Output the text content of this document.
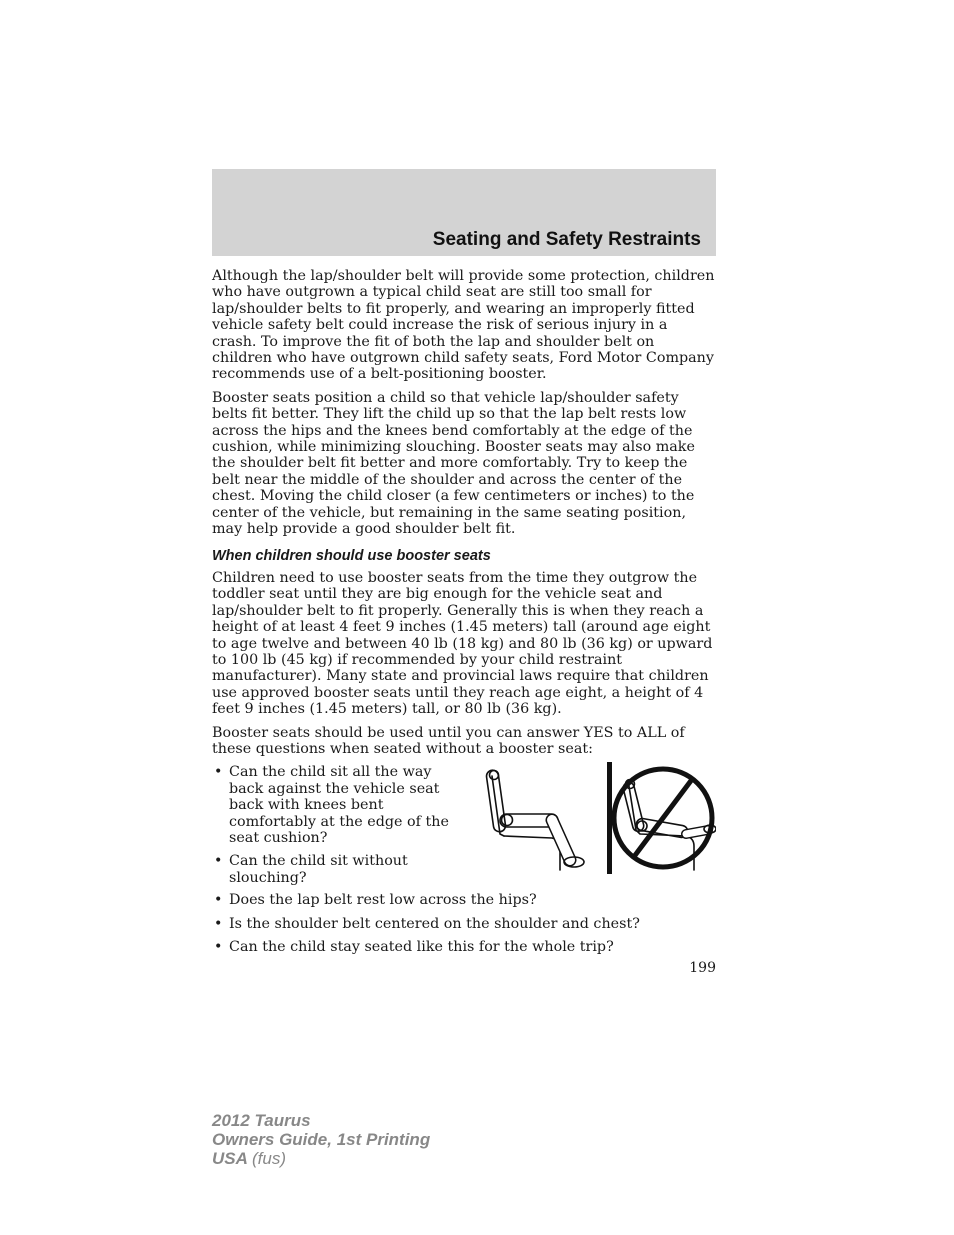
Seating and Safety Restraints

Although the lap/shoulder belt will provide some protection, children who have outgrown a typical child seat are still too small for lap/shoulder belts to fit properly, and wearing an improperly fitted vehicle safety belt could increase the risk of serious injury in a crash. To improve the fit of both the lap and shoulder belt on children who have outgrown child safety seats, Ford Motor Company recommends use of a belt-positioning booster.

Booster seats position a child so that vehicle lap/shoulder safety belts fit better. They lift the child up so that the lap belt rests low across the hips and the knees bend comfortably at the edge of the cushion, while minimizing slouching. Booster seats may also make the shoulder belt fit better and more comfortably. Try to keep the belt near the middle of the shoulder and across the center of the chest. Moving the child closer (a few centimeters or inches) to the center of the vehicle, but remaining in the same seating position, may help provide a good shoulder belt fit.

When children should use booster seats

Children need to use booster seats from the time they outgrow the toddler seat until they are big enough for the vehicle seat and lap/shoulder belt to fit properly. Generally this is when they reach a height of at least 4 feet 9 inches (1.45 meters) tall (around age eight to age twelve and between 40 lb (18 kg) and 80 lb (36 kg) or upward to 100 lb (45 kg) if recommended by your child restraint manufacturer). Many state and provincial laws require that children use approved booster seats until they reach age eight, a height of 4 feet 9 inches (1.45 meters) tall, or 80 lb (36 kg).

Booster seats should be used until you can answer YES to ALL of these questions when seated without a booster seat:

• Can the child sit all the way back against the vehicle seat back with knees bent comfortably at the edge of the seat cushion?
• Can the child sit without slouching?
• Does the lap belt rest low across the hips?
• Is the shoulder belt centered on the shoulder and chest?
• Can the child stay seated like this for the whole trip?
199
2012 Taurus
Owners Guide, 1st Printing
USA (fus)
